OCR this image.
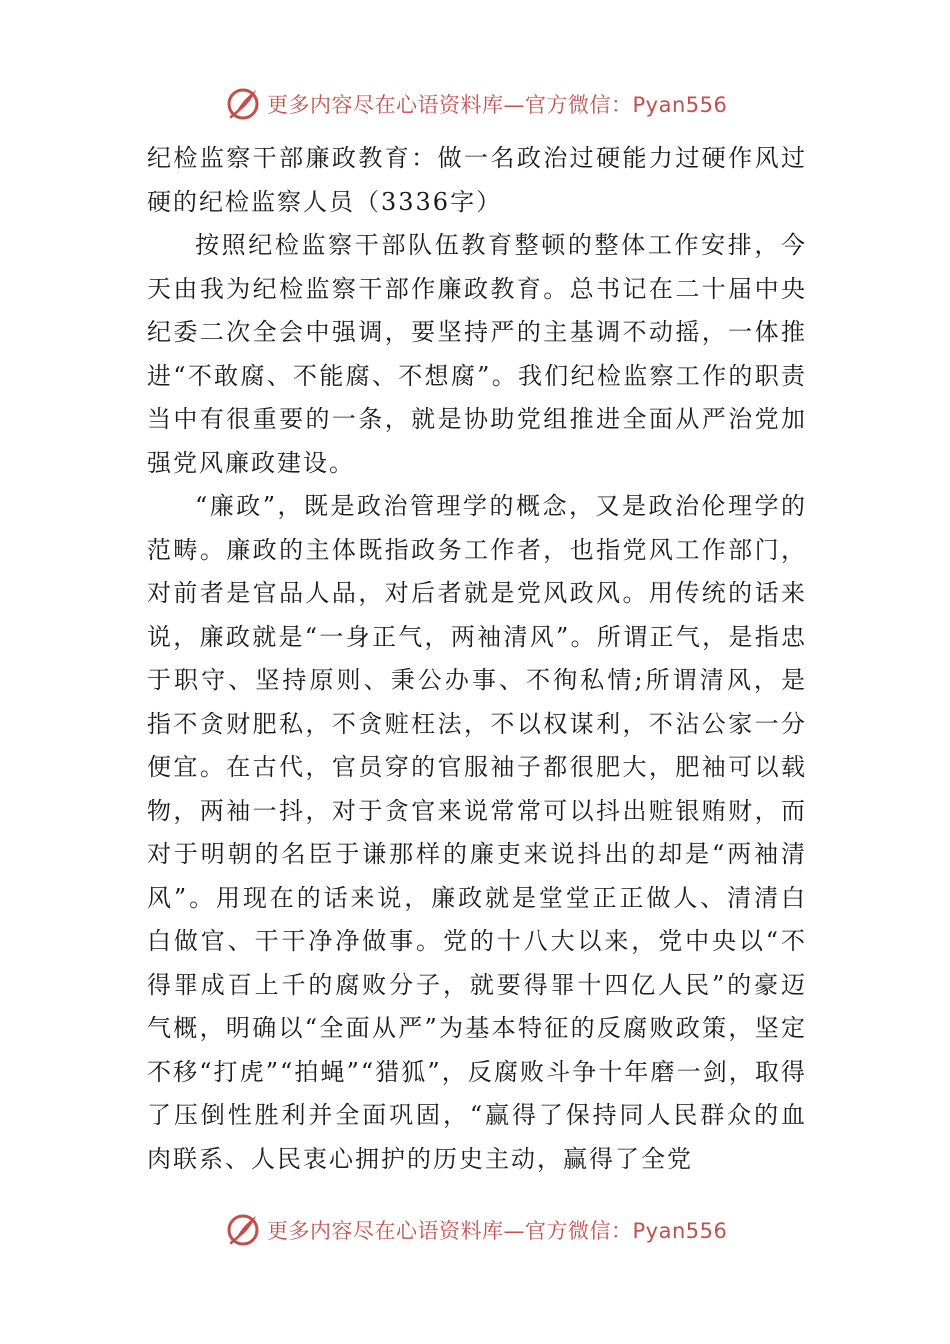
更多内容尽在心语资料库—官方微信：Pyan556
纪检监察干部廉政教育：做一名政治过硬能力过硬作风过硬的纪检监察人员（3336字）

按照纪检监察干部队伍教育整顿的整体工作安排，今天由我为纪检监察干部作廉政教育。总书记在二十届中央纪委二次全会中强调，要坚持严的主基调不动摇，一体推进“不敢腐、不能腐、不想腐”。我们纪检监察工作的职责当中有很重要的一条，就是协助党组推进全面从严治党加强党风廉政建设。

“廉政”，既是政治管理学的概念，又是政治伦理学的范畴。廉政的主体既指政务工作者，也指党风工作部门，对前者是官品人品，对后者就是党风政风。用传统的话来说，廉政就是“一身正气，两袖清风”。所谓正气，是指忠于职守、坚持原则、秉公办事、不徇私情;所谓清风，是指不贪财肥私，不贪赃枉法，不以权谋利，不沾公家一分便宜。在古代，官员穿的官服袖子都很肥大，肥袖可以载物，两袖一抖，对于贪官来说常常可以抖出赃银贿财，而对于明朝的名臣于谦那样的廉吏来说抖出的却是“两袖清风”。用现在的话来说，廉政就是堂堂正正做人、清清白白做官、干干净净做事。党的十八大以来，党中央以“不得罪成百上千的腐败分子，就要得罪十四亿人民”的豪迈气概，明确以“全面从严”为基本特征的反腐败政策，坚定不移“打虎”“拍蝇”“猎狐”，反腐败斗争十年磨一剑，取得了压倒性胜利并全面巩固，“赢得了保持同人民群众的血肉联系、人民衷心拥护的历史主动，赢得了全党

更多内容尽在心语资料库—官方微信：Pyan556
